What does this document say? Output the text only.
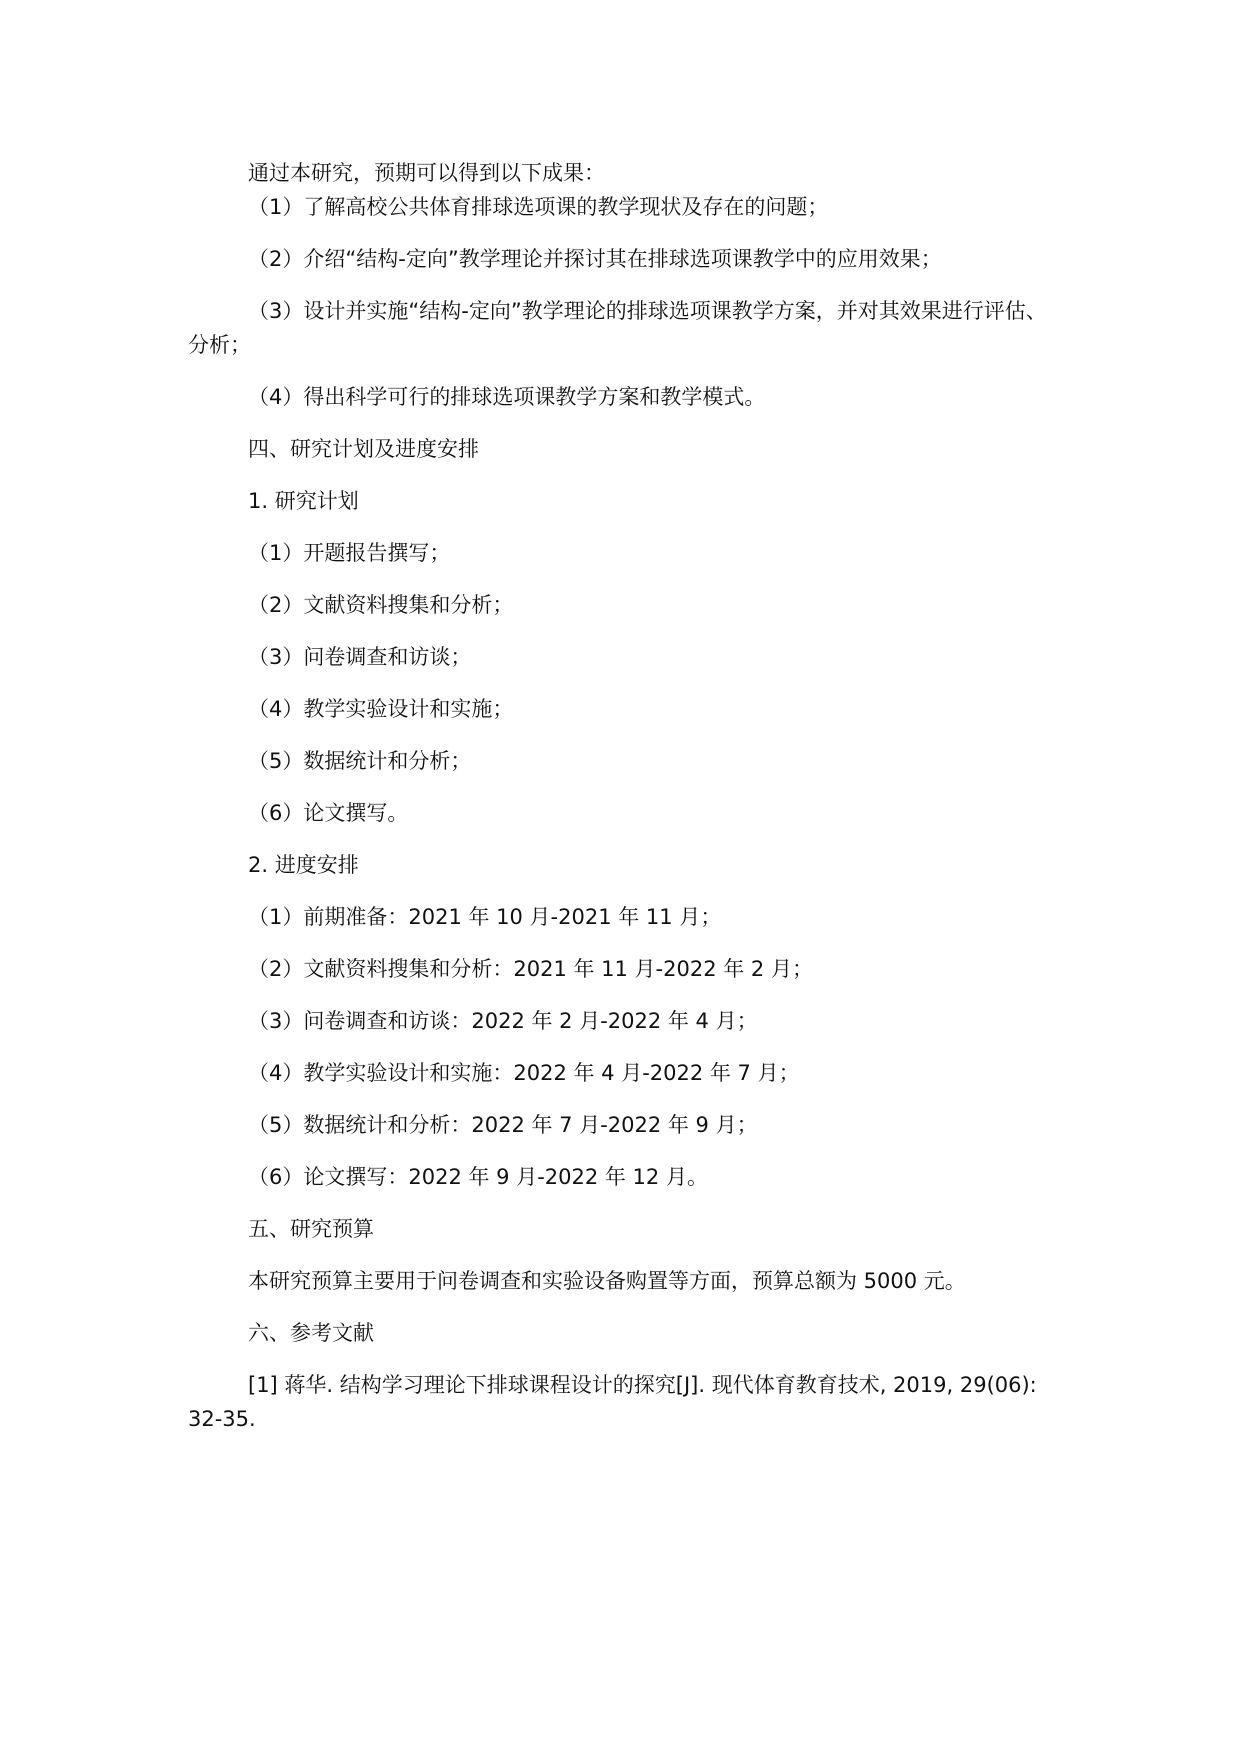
通过本研究，预期可以得到以下成果：

（1）了解高校公共体育排球选项课的教学现状及存在的问题；

（2）介绍“结构-定向”教学理论并探讨其在排球选项课教学中的应用效果；

（3）设计并实施“结构-定向”教学理论的排球选项课教学方案，并对其效果进行评估、分析；

（4）得出科学可行的排球选项课教学方案和教学模式。

四、研究计划及进度安排

1. 研究计划

（1）开题报告撰写；

（2）文献资料搜集和分析；

（3）问卷调查和访谈；

（4）教学实验设计和实施；

（5）数据统计和分析；

（6）论文撰写。

2. 进度安排

（1）前期准备：2021 年 10 月-2021 年 11 月；

（2）文献资料搜集和分析：2021 年 11 月-2022 年 2 月；

（3）问卷调查和访谈：2022 年 2 月-2022 年 4 月；

（4）教学实验设计和实施：2022 年 4 月-2022 年 7 月；

（5）数据统计和分析：2022 年 7 月-2022 年 9 月；

（6）论文撰写：2022 年 9 月-2022 年 12 月。

五、研究预算

本研究预算主要用于问卷调查和实验设备购置等方面，预算总额为 5000 元。

六、参考文献

[1] 蒋华. 结构学习理论下排球课程设计的探究[J]. 现代体育教育技术, 2019, 29(06): 32-35.
